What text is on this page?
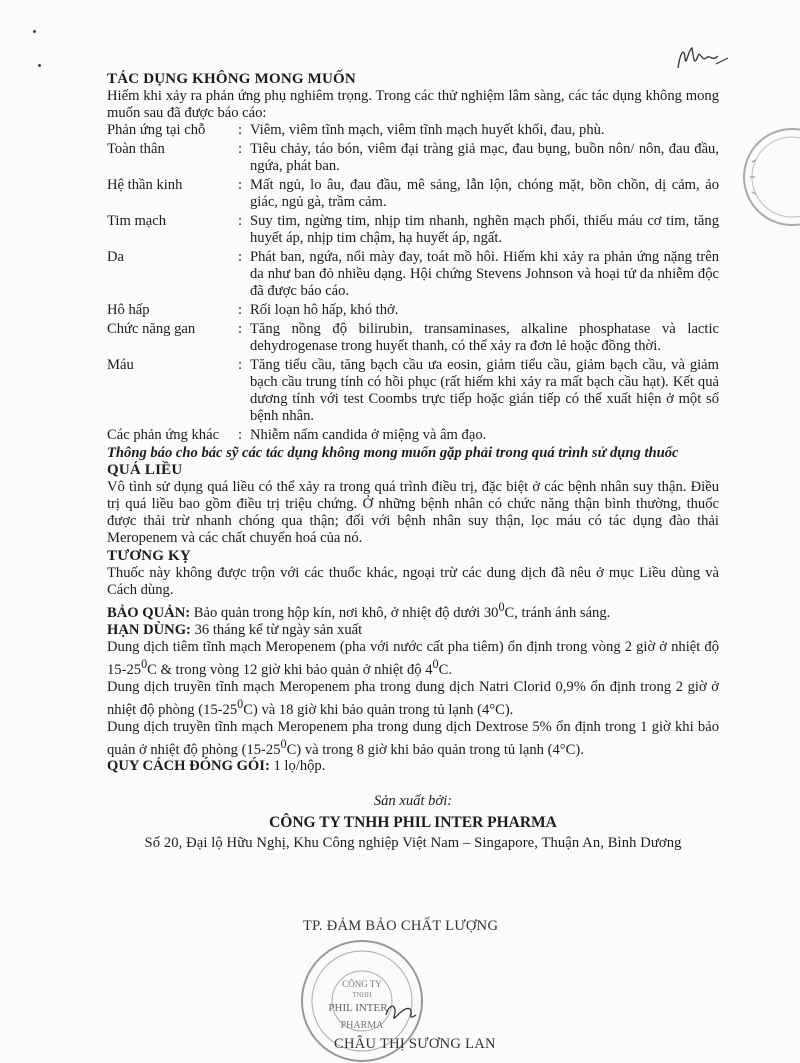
TÁC DỤNG KHÔNG MONG MUỐN

Hiếm khi xảy ra phản ứng phụ nghiêm trọng. Trong các thử nghiệm lâm sàng, các tác dụng không mong muốn sau đã được báo cáo:

Phản ứng tại chỗ	: Viêm, viêm tĩnh mạch, viêm tĩnh mạch huyết khối, đau, phù.
Toàn thân	: Tiêu chảy, táo bón, viêm đại tràng giả mạc, đau bụng, buồn nôn/ nôn, đau đầu, ngứa, phát ban.
Hệ thần kinh	: Mất ngủ, lo âu, đau đầu, mê sảng, lẫn lộn, chóng mặt, bồn chồn, dị cảm, ảo giác, ngủ gà, trầm cảm.
Tim mạch	: Suy tim, ngừng tim, nhịp tim nhanh, nghẽn mạch phổi, thiếu máu cơ tim, tăng huyết áp, nhịp tim chậm, hạ huyết áp, ngất.
Da	: Phát ban, ngứa, nổi mày đay, toát mồ hôi. Hiếm khi xảy ra phản ứng nặng trên da như ban đỏ nhiều dạng. Hội chứng Stevens Johnson và hoại tử da nhiễm độc đã được báo cáo.
Hô hấp	: Rối loạn hô hấp, khó thở.
Chức năng gan	: Tăng nồng độ bilirubin, transaminases, alkaline phosphatase và lactic dehydrogenase trong huyết thanh, có thể xảy ra đơn lẻ hoặc đồng thời.
Máu	: Tăng tiểu cầu, tăng bạch cầu ưa eosin, giảm tiểu cầu, giảm bạch cầu, và giảm bạch cầu trung tính có hồi phục (rất hiếm khi xảy ra mất bạch cầu hạt). Kết quả dương tính với test Coombs trực tiếp hoặc gián tiếp có thể xuất hiện ở một số bệnh nhân.
Các phản ứng khác	: Nhiễm nấm candida ở miệng và âm đạo.

Thông báo cho bác sỹ các tác dụng không mong muốn gặp phải trong quá trình sử dụng thuốc

QUÁ LIỀU

Vô tình sử dụng quá liều có thể xảy ra trong quá trình điều trị, đặc biệt ở các bệnh nhân suy thận. Điều trị quá liều bao gồm điều trị triệu chứng. Ở những bệnh nhân có chức năng thận bình thường, thuốc được thải trừ nhanh chóng qua thận; đối với bệnh nhân suy thận, lọc máu có tác dụng đào thải Meropenem và các chất chuyển hoá của nó.

TƯƠNG KỴ

Thuốc này không được trộn với các thuốc khác, ngoại trừ các dung dịch đã nêu ở mục Liều dùng và Cách dùng.

BẢO QUẢN: Bảo quản trong hộp kín, nơi khô, ở nhiệt độ dưới $30^0C$, tránh ánh sáng.

HẠN DÙNG: 36 tháng kể từ ngày sản xuất

Dung dịch tiêm tĩnh mạch Meropenem (pha với nước cất pha tiêm) ổn định trong vòng 2 giờ ở nhiệt độ $15-25^0C$ & trong vòng 12 giờ khi bảo quản ở nhiệt độ $4^0C$.

Dung dịch truyền tĩnh mạch Meropenem pha trong dung dịch Natri Clorid 0,9% ổn định trong 2 giờ ở nhiệt độ phòng $(15-25^0C)$ và 18 giờ khi bảo quản trong tủ lạnh (4°C).

Dung dịch truyền tĩnh mạch Meropenem pha trong dung dịch Dextrose 5% ổn định trong 1 giờ khi bảo quản ở nhiệt độ phòng $(15-25^0C)$ và trong 8 giờ khi bảo quản trong tủ lạnh (4°C).

QUY CÁCH ĐÓNG GÓI: 1 lọ/hộp.

Sản xuất bởi:
CÔNG TY TNHH PHIL INTER PHARMA
Số 20, Đại lộ Hữu Nghị, Khu Công nghiệp Việt Nam – Singapore, Thuận An, Bình Dương
TP. ĐẢM BẢO CHẤT LƯỢNG
CÔNG TY
TNHH
PHIL INTER
PHARMA
CHÂU THỊ SƯƠNG LAN
